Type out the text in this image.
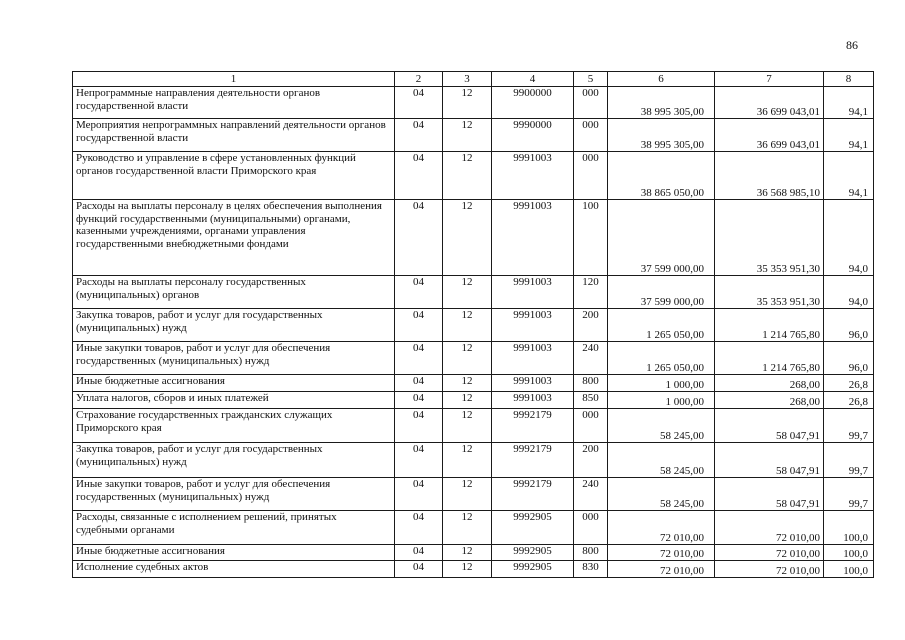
86
1	2	3	4	5	6	7	8
Непрограммные направления деятельности органов государственной власти	04	12	9900000	000	38 995 305,00	36 699 043,01	94,1
Мероприятия непрограммных направлений деятельности органов государственной власти	04	12	9990000	000	38 995 305,00	36 699 043,01	94,1
Руководство и управление в сфере установленных функций органов государственной власти Приморского края	04	12	9991003	000	38 865 050,00	36 568 985,10	94,1
Расходы на выплаты персоналу в целях обеспечения выполнения функций государственными (муниципальными) органами, казенными учреждениями, органами управления государственными внебюджетными фондами	04	12	9991003	100	37 599 000,00	35 353 951,30	94,0
Расходы на выплаты персоналу государственных (муниципальных) органов	04	12	9991003	120	37 599 000,00	35 353 951,30	94,0
Закупка товаров, работ и услуг для государственных (муниципальных) нужд	04	12	9991003	200	1 265 050,00	1 214 765,80	96,0
Иные закупки товаров, работ и услуг для обеспечения государственных (муниципальных) нужд	04	12	9991003	240	1 265 050,00	1 214 765,80	96,0
Иные бюджетные ассигнования	04	12	9991003	800	1 000,00	268,00	26,8
Уплата налогов, сборов и иных платежей	04	12	9991003	850	1 000,00	268,00	26,8
Страхование государственных гражданских служащих Приморского края	04	12	9992179	000	58 245,00	58 047,91	99,7
Закупка товаров, работ и услуг для государственных (муниципальных) нужд	04	12	9992179	200	58 245,00	58 047,91	99,7
Иные закупки товаров, работ и услуг для обеспечения государственных (муниципальных) нужд	04	12	9992179	240	58 245,00	58 047,91	99,7
Расходы, связанные с исполнением решений, принятых судебными органами	04	12	9992905	000	72 010,00	72 010,00	100,0
Иные бюджетные ассигнования	04	12	9992905	800	72 010,00	72 010,00	100,0
Исполнение судебных актов	04	12	9992905	830	72 010,00	72 010,00	100,0
